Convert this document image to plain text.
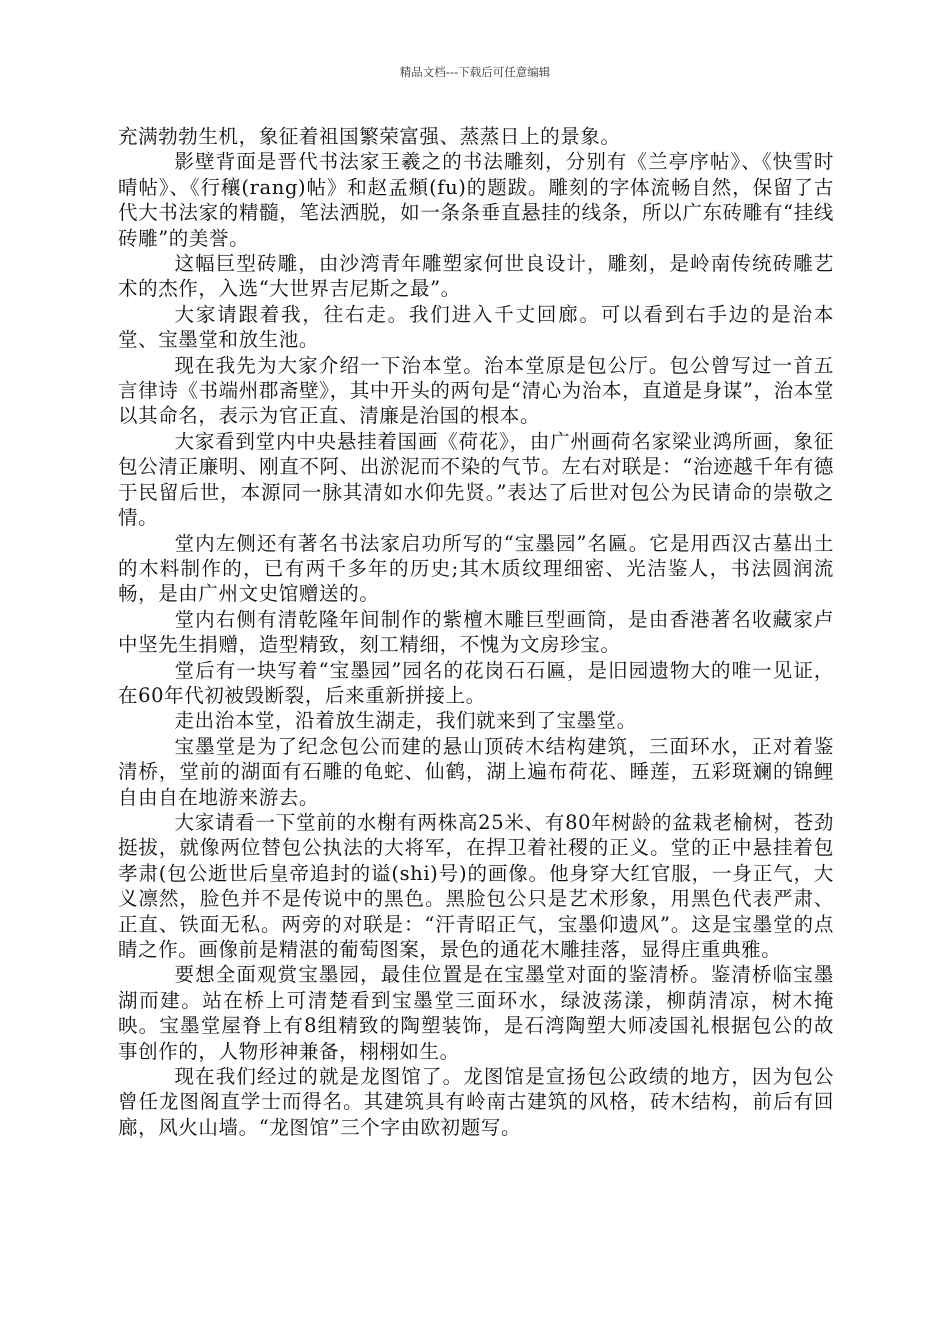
精品文档---下载后可任意编辑

充满勃勃生机，象征着祖国繁荣富强、蒸蒸日上的景象。

影壁背面是晋代书法家王羲之的书法雕刻，分别有《兰亭序帖》、《快雪时晴帖》、《行穰(rang)帖》和赵孟頫(fu)的题跋。雕刻的字体流畅自然，保留了古代大书法家的精髓，笔法洒脱，如一条条垂直悬挂的线条，所以广东砖雕有“挂线砖雕”的美誉。

这幅巨型砖雕，由沙湾青年雕塑家何世良设计，雕刻，是岭南传统砖雕艺术的杰作，入选“大世界吉尼斯之最”。

大家请跟着我，往右走。我们进入千丈回廊。可以看到右手边的是治本堂、宝墨堂和放生池。

现在我先为大家介绍一下治本堂。治本堂原是包公厅。包公曾写过一首五言律诗《书端州郡斋壁》，其中开头的两句是“清心为治本，直道是身谋”，治本堂以其命名，表示为官正直、清廉是治国的根本。

大家看到堂内中央悬挂着国画《荷花》，由广州画荷名家梁业鸿所画，象征包公清正廉明、刚直不阿、出淤泥而不染的气节。左右对联是：“治迹越千年有德于民留后世，本源同一脉其清如水仰先贤。”表达了后世对包公为民请命的崇敬之情。

堂内左侧还有著名书法家启功所写的“宝墨园”名匾。它是用西汉古墓出土的木料制作的，已有两千多年的历史;其木质纹理细密、光洁鉴人，书法圆润流畅，是由广州文史馆赠送的。

堂内右侧有清乾隆年间制作的紫檀木雕巨型画筒，是由香港著名收藏家卢中坚先生捐赠，造型精致，刻工精细，不愧为文房珍宝。

堂后有一块写着“宝墨园”园名的花岗石石匾，是旧园遗物大的唯一见证，在60年代初被毁断裂，后来重新拼接上。

走出治本堂，沿着放生湖走，我们就来到了宝墨堂。

宝墨堂是为了纪念包公而建的悬山顶砖木结构建筑，三面环水，正对着鉴清桥，堂前的湖面有石雕的龟蛇、仙鹤，湖上遍布荷花、睡莲，五彩斑斓的锦鲤自由自在地游来游去。

大家请看一下堂前的水榭有两株高25米、有80年树龄的盆栽老榆树，苍劲挺拔，就像两位替包公执法的大将军，在捍卫着社稷的正义。堂的正中悬挂着包孝肃(包公逝世后皇帝追封的谥(shi)号)的画像。他身穿大红官服，一身正气，大义凛然，脸色并不是传说中的黑色。黑脸包公只是艺术形象，用黑色代表严肃、正直、铁面无私。两旁的对联是：“汗青昭正气，宝墨仰遗风”。这是宝墨堂的点睛之作。画像前是精湛的葡萄图案，景色的通花木雕挂落，显得庄重典雅。

要想全面观赏宝墨园，最佳位置是在宝墨堂对面的鉴清桥。鉴清桥临宝墨湖而建。站在桥上可清楚看到宝墨堂三面环水，绿波荡漾，柳荫清凉，树木掩映。宝墨堂屋脊上有8组精致的陶塑装饰，是石湾陶塑大师凌国礼根据包公的故事创作的，人物形神兼备，栩栩如生。

现在我们经过的就是龙图馆了。龙图馆是宣扬包公政绩的地方，因为包公曾任龙图阁直学士而得名。其建筑具有岭南古建筑的风格，砖木结构，前后有回廊，风火山墙。“龙图馆”三个字由欧初题写。
